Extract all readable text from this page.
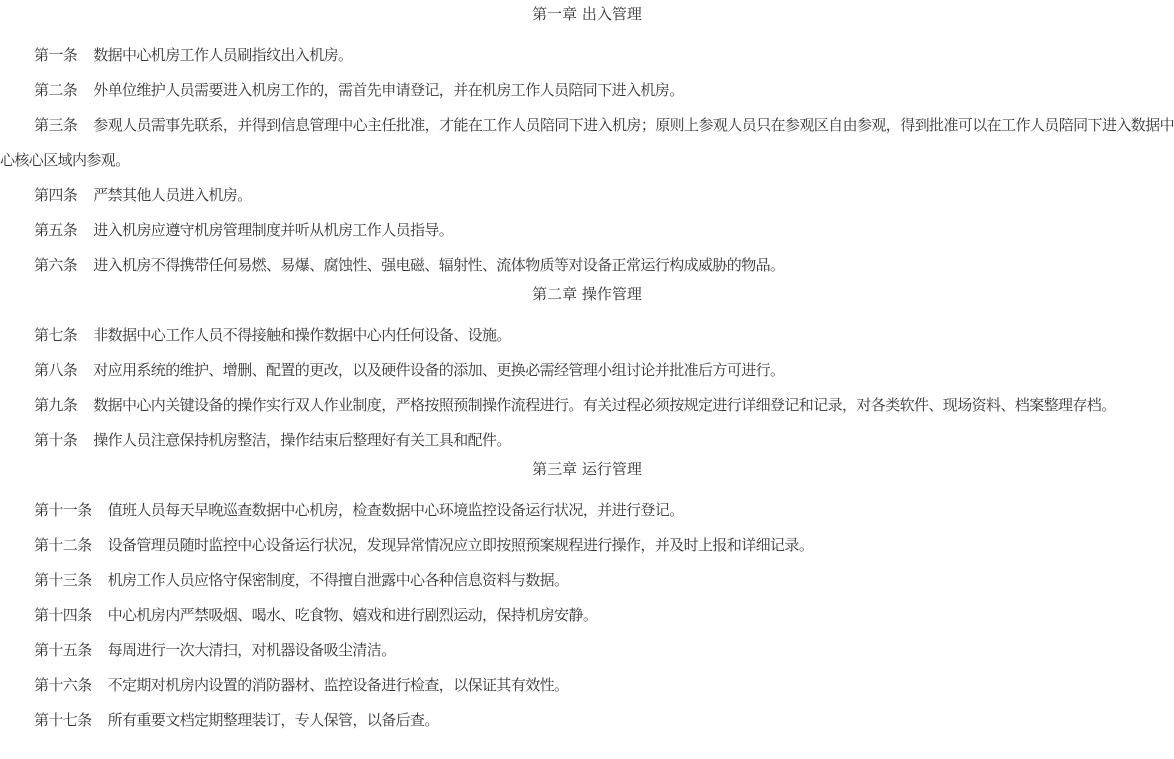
第一章 出入管理

第一条 数据中心机房工作人员刷指纹出入机房。

第二条 外单位维护人员需要进入机房工作的，需首先申请登记，并在机房工作人员陪同下进入机房。

第三条 参观人员需事先联系，并得到信息管理中心主任批准，才能在工作人员陪同下进入机房；原则上参观人员只在参观区自由参观，得到批准可以在工作人员陪同下进入数据中心核心区域内参观。

第四条 严禁其他人员进入机房。

第五条 进入机房应遵守机房管理制度并听从机房工作人员指导。

第六条 进入机房不得携带任何易燃、易爆、腐蚀性、强电磁、辐射性、流体物质等对设备正常运行构成威胁的物品。

第二章 操作管理

第七条 非数据中心工作人员不得接触和操作数据中心内任何设备、设施。

第八条 对应用系统的维护、增删、配置的更改，以及硬件设备的添加、更换必需经管理小组讨论并批准后方可进行。

第九条 数据中心内关键设备的操作实行双人作业制度，严格按照预制操作流程进行。有关过程必须按规定进行详细登记和记录，对各类软件、现场资料、档案整理存档。

第十条 操作人员注意保持机房整洁，操作结束后整理好有关工具和配件。

第三章 运行管理

第十一条 值班人员每天早晚巡查数据中心机房，检查数据中心环境监控设备运行状况，并进行登记。

第十二条 设备管理员随时监控中心设备运行状况，发现异常情况应立即按照预案规程进行操作，并及时上报和详细记录。

第十三条 机房工作人员应恪守保密制度，不得擅自泄露中心各种信息资料与数据。

第十四条 中心机房内严禁吸烟、喝水、吃食物、嬉戏和进行剧烈运动，保持机房安静。

第十五条 每周进行一次大清扫，对机器设备吸尘清洁。

第十六条 不定期对机房内设置的消防器材、监控设备进行检查，以保证其有效性。

第十七条 所有重要文档定期整理装订，专人保管，以备后查。
